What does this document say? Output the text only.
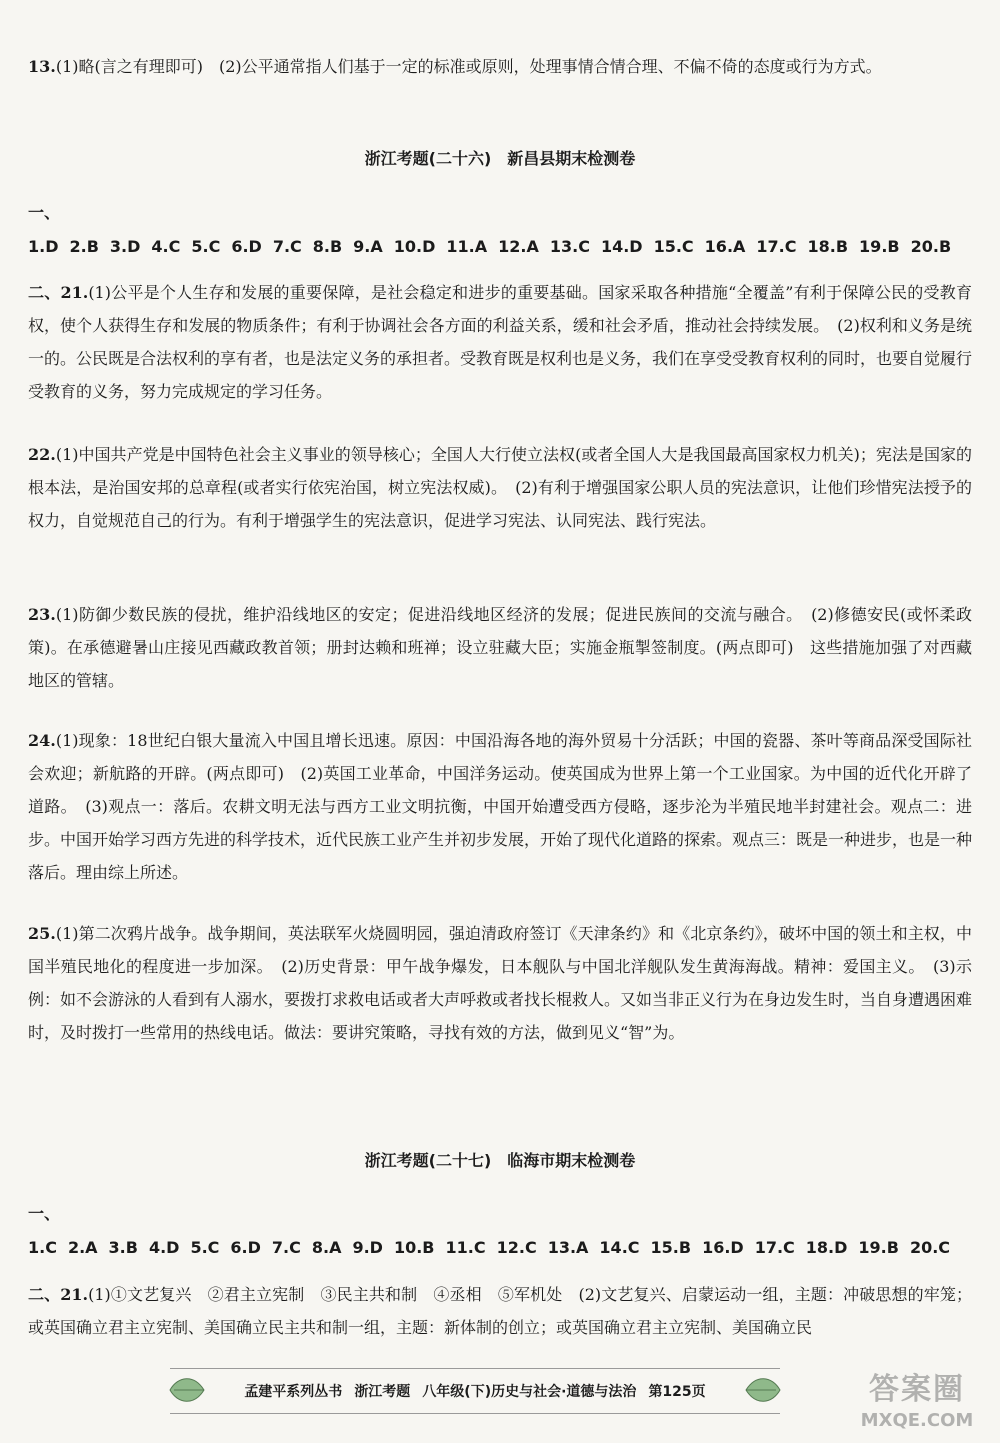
13.(1)略(言之有理即可)　(2)公平通常指人们基于一定的标准或原则，处理事情合情合理、不偏不倚的态度或行为方式。

浙江考题(二十六)　新昌县期末检测卷
一、1.D 2.B 3.D 4.C 5.C 6.D 7.C 8.B 9.A 10.D 11.A 12.A 13.C 14.D 15.C 16.A 17.C 18.B 19.B 20.B

二、21.(1)公平是个人生存和发展的重要保障，是社会稳定和进步的重要基础。国家采取各种措施“全覆盖”有利于保障公民的受教育权，使个人获得生存和发展的物质条件；有利于协调社会各方面的利益关系，缓和社会矛盾，推动社会持续发展。　(2)权利和义务是统一的。公民既是合法权利的享有者，也是法定义务的承担者。受教育既是权利也是义务，我们在享受受教育权利的同时，也要自觉履行受教育的义务，努力完成规定的学习任务。

22.(1)中国共产党是中国特色社会主义事业的领导核心；全国人大行使立法权(或者全国人大是我国最高国家权力机关)；宪法是国家的根本法，是治国安邦的总章程(或者实行依宪治国，树立宪法权威)。　(2)有利于增强国家公职人员的宪法意识，让他们珍惜宪法授予的权力，自觉规范自己的行为。有利于增强学生的宪法意识，促进学习宪法、认同宪法、践行宪法。

23.(1)防御少数民族的侵扰，维护沿线地区的安定；促进沿线地区经济的发展；促进民族间的交流与融合。　(2)修德安民(或怀柔政策)。在承德避暑山庄接见西藏政教首领；册封达赖和班禅；设立驻藏大臣；实施金瓶掣签制度。(两点即可)　这些措施加强了对西藏地区的管辖。

24.(1)现象：18世纪白银大量流入中国且增长迅速。原因：中国沿海各地的海外贸易十分活跃；中国的瓷器、茶叶等商品深受国际社会欢迎；新航路的开辟。(两点即可)　(2)英国工业革命，中国洋务运动。使英国成为世界上第一个工业国家。为中国的近代化开辟了道路。　(3)观点一：落后。农耕文明无法与西方工业文明抗衡，中国开始遭受西方侵略，逐步沦为半殖民地半封建社会。观点二：进步。中国开始学习西方先进的科学技术，近代民族工业产生并初步发展，开始了现代化道路的探索。观点三：既是一种进步，也是一种落后。理由综上所述。

25.(1)第二次鸦片战争。战争期间，英法联军火烧圆明园，强迫清政府签订《天津条约》和《北京条约》，破坏中国的领土和主权，中国半殖民地化的程度进一步加深。　(2)历史背景：甲午战争爆发，日本舰队与中国北洋舰队发生黄海海战。精神：爱国主义。　(3)示例：如不会游泳的人看到有人溺水，要拨打求救电话或者大声呼救或者找长棍救人。又如当非正义行为在身边发生时，当自身遭遇困难时，及时拨打一些常用的热线电话。做法：要讲究策略，寻找有效的方法，做到见义“智”为。

浙江考题(二十七)　临海市期末检测卷
一、1.C 2.A 3.B 4.D 5.C 6.D 7.C 8.A 9.D 10.B 11.C 12.C 13.A 14.C 15.B 16.D 17.C 18.D 19.B 20.C

二、21.(1)①文艺复兴　②君主立宪制　③民主共和制　④丞相　⑤军机处　(2)文艺复兴、启蒙运动一组，主题：冲破思想的牢笼；或英国确立君主立宪制、美国确立民主共和制一组，主题：新体制的创立；或英国确立君主立宪制、美国确立民

孟建平系列丛书 浙江考题 八年级(下)历史与社会·道德与法治 第125页	答案圈
MXQE.COM
